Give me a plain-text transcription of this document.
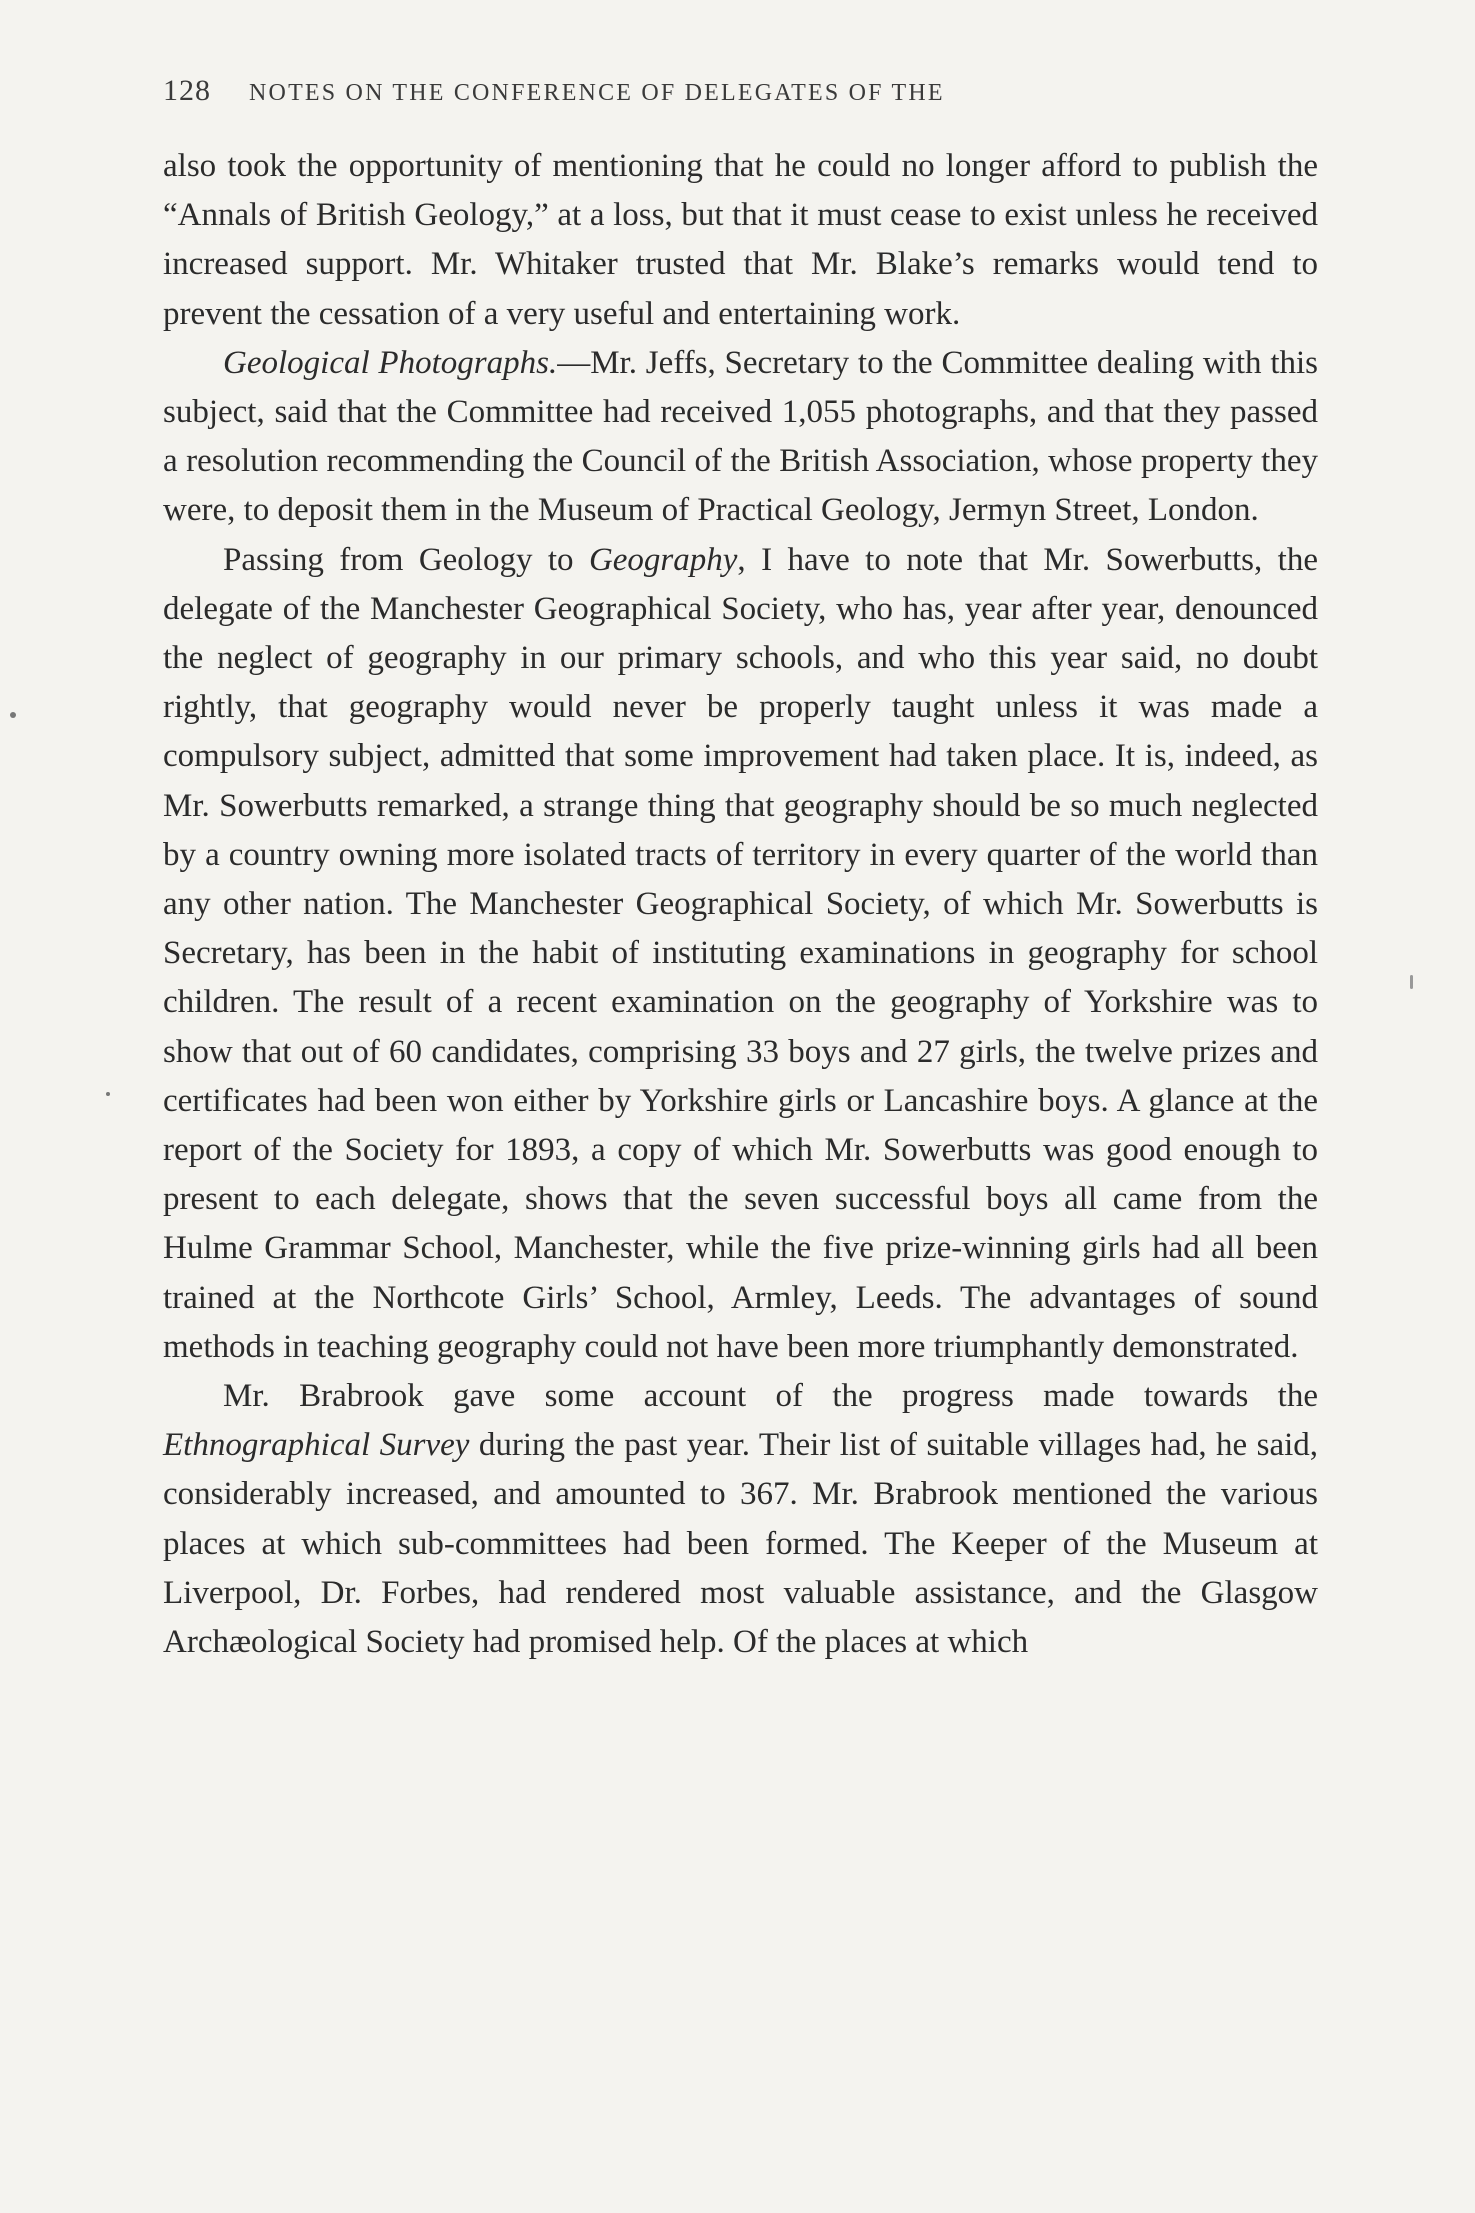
128 NOTES ON THE CONFERENCE OF DELEGATES OF THE

also took the opportunity of mentioning that he could no longer afford to publish the “Annals of British Geology,” at a loss, but that it must cease to exist unless he received increased support. Mr. Whitaker trusted that Mr. Blake’s remarks would tend to prevent the cessation of a very useful and entertaining work.

Geological Photographs.—Mr. Jeffs, Secretary to the Committee dealing with this subject, said that the Committee had received 1,055 photographs, and that they passed a resolution recommending the Council of the British Association, whose property they were, to deposit them in the Museum of Practical Geology, Jermyn Street, London.

Passing from Geology to Geography, I have to note that Mr. Sowerbutts, the delegate of the Manchester Geographical Society, who has, year after year, denounced the neglect of geography in our primary schools, and who this year said, no doubt rightly, that geography would never be properly taught unless it was made a compulsory subject, admitted that some improvement had taken place. It is, indeed, as Mr. Sowerbutts remarked, a strange thing that geography should be so much neglected by a country owning more isolated tracts of territory in every quarter of the world than any other nation. The Manchester Geographical Society, of which Mr. Sowerbutts is Secretary, has been in the habit of instituting examinations in geography for school children. The result of a recent examination on the geography of Yorkshire was to show that out of 60 candidates, comprising 33 boys and 27 girls, the twelve prizes and certificates had been won either by Yorkshire girls or Lancashire boys. A glance at the report of the Society for 1893, a copy of which Mr. Sowerbutts was good enough to present to each delegate, shows that the seven successful boys all came from the Hulme Grammar School, Manchester, while the five prize-winning girls had all been trained at the Northcote Girls’ School, Armley, Leeds. The advantages of sound methods in teaching geography could not have been more triumphantly demonstrated.

Mr. Brabrook gave some account of the progress made towards the Ethnographical Survey during the past year. Their list of suitable villages had, he said, considerably increased, and amounted to 367. Mr. Brabrook mentioned the various places at which sub-committees had been formed. The Keeper of the Museum at Liverpool, Dr. Forbes, had rendered most valuable assistance, and the Glasgow Archæological Society had promised help. Of the places at which
